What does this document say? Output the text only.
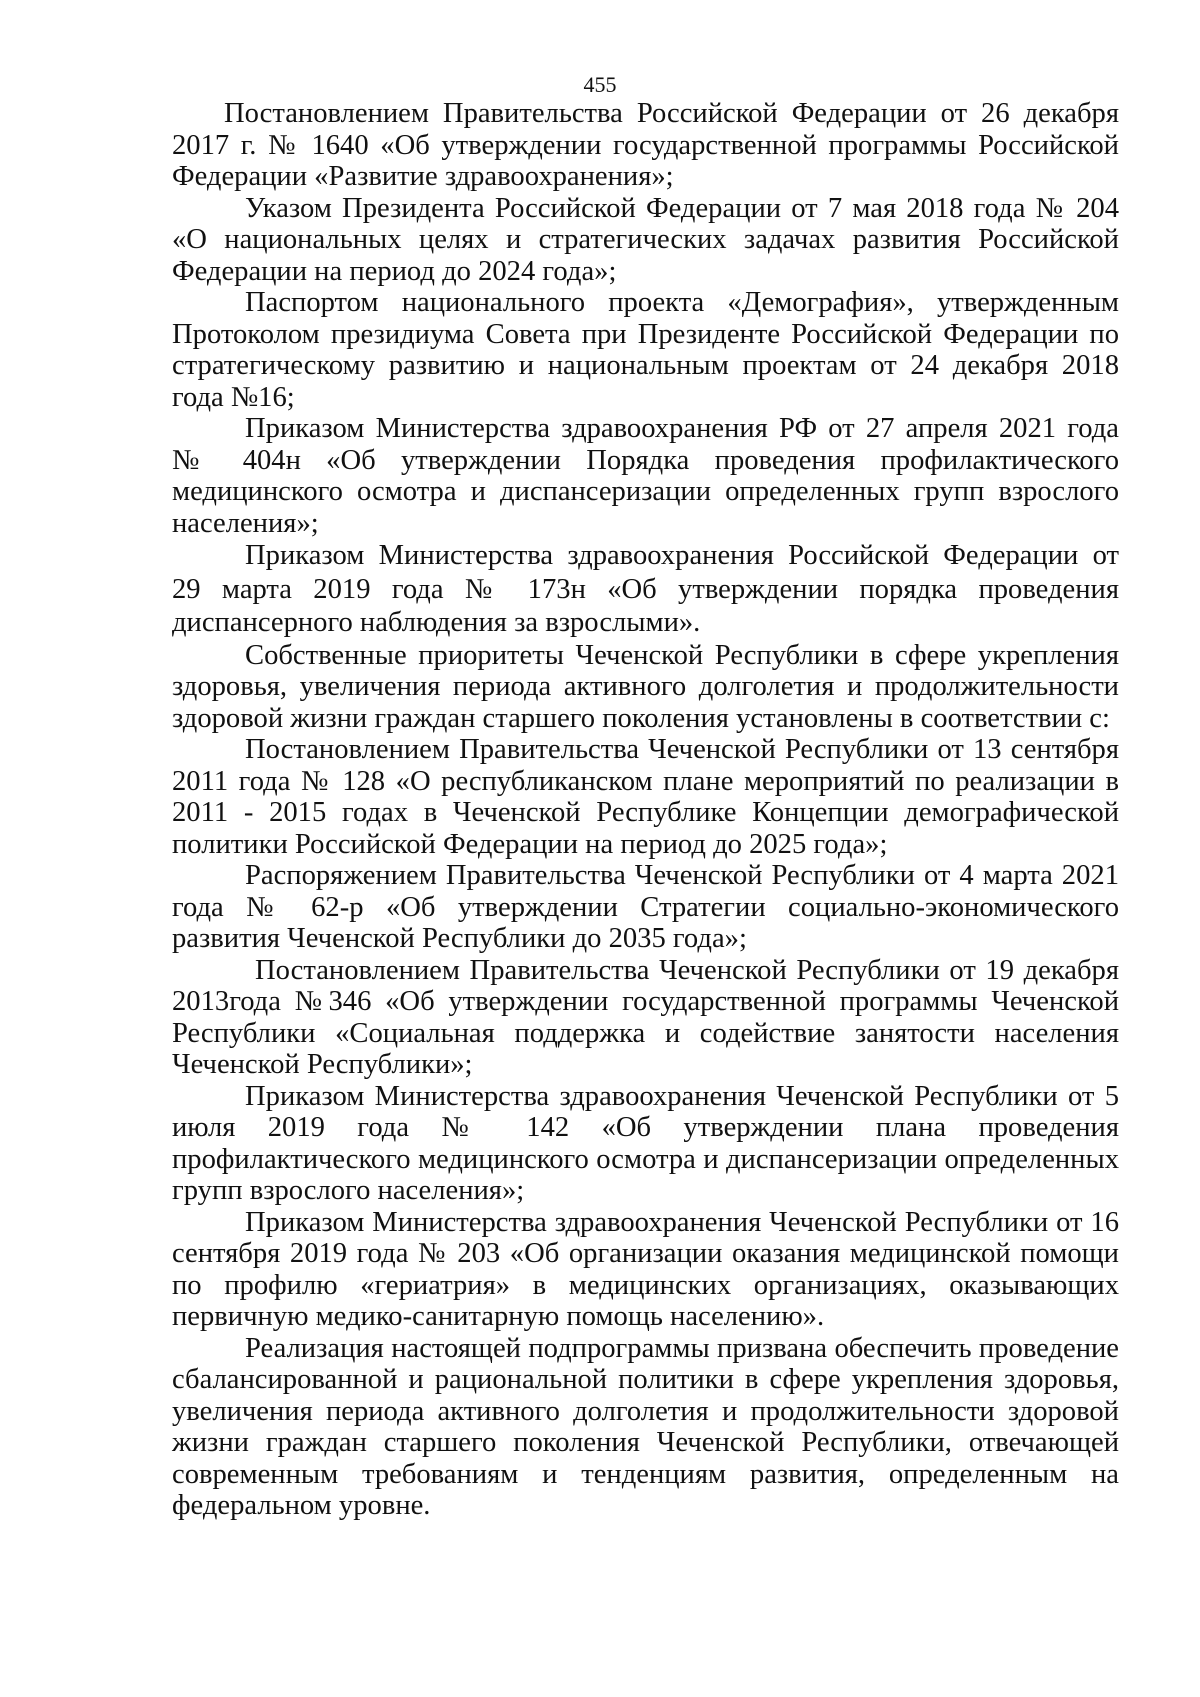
455

Постановлением Правительства Российской Федерации от 26 декабря 2017 г. № 1640 «Об утверждении государственной программы Российской Федерации «Развитие здравоохранения»;

Указом Президента Российской Федерации от 7 мая 2018 года № 204 «О национальных целях и стратегических задачах развития Российской Федерации на период до 2024 года»;

Паспортом национального проекта «Демография», утвержденным Протоколом президиума Совета при Президенте Российской Федерации по стратегическому развитию и национальным проектам от 24 декабря 2018 года №16;

Приказом Министерства здравоохранения РФ от 27 апреля 2021 года № 404н «Об утверждении Порядка проведения профилактического медицинского осмотра и диспансеризации определенных групп взрослого населения»;

Приказом Министерства здравоохранения Российской Федерации от 29 марта 2019 года № 173н «Об утверждении порядка проведения диспансерного наблюдения за взрослыми».

Собственные приоритеты Чеченской Республики в сфере укрепления здоровья, увеличения периода активного долголетия и продолжительности здоровой жизни граждан старшего поколения установлены в соответствии с:

Постановлением Правительства Чеченской Республики от 13 сентября 2011 года № 128 «О республиканском плане мероприятий по реализации в 2011 - 2015 годах в Чеченской Республике Концепции демографической политики Российской Федерации на период до 2025 года»;

Распоряжением Правительства Чеченской Республики от 4 марта 2021 года № 62-р «Об утверждении Стратегии социально-экономического развития Чеченской Республики до 2035 года»;

Постановлением Правительства Чеченской Республики от 19 декабря 2013года №346 «Об утверждении государственной программы Чеченской Республики «Социальная поддержка и содействие занятости населения Чеченской Республики»;

Приказом Министерства здравоохранения Чеченской Республики от 5 июля 2019 года № 142 «Об утверждении плана проведения профилактического медицинского осмотра и диспансеризации определенных групп взрослого населения»;

Приказом Министерства здравоохранения Чеченской Республики от 16 сентября 2019 года № 203 «Об организации оказания медицинской помощи по профилю «гериатрия» в медицинских организациях, оказывающих первичную медико-санитарную помощь населению».

Реализация настоящей подпрограммы призвана обеспечить проведение сбалансированной и рациональной политики в сфере укрепления здоровья, увеличения периода активного долголетия и продолжительности здоровой жизни граждан старшего поколения Чеченской Республики, отвечающей современным требованиям и тенденциям развития, определенным на федеральном уровне.
